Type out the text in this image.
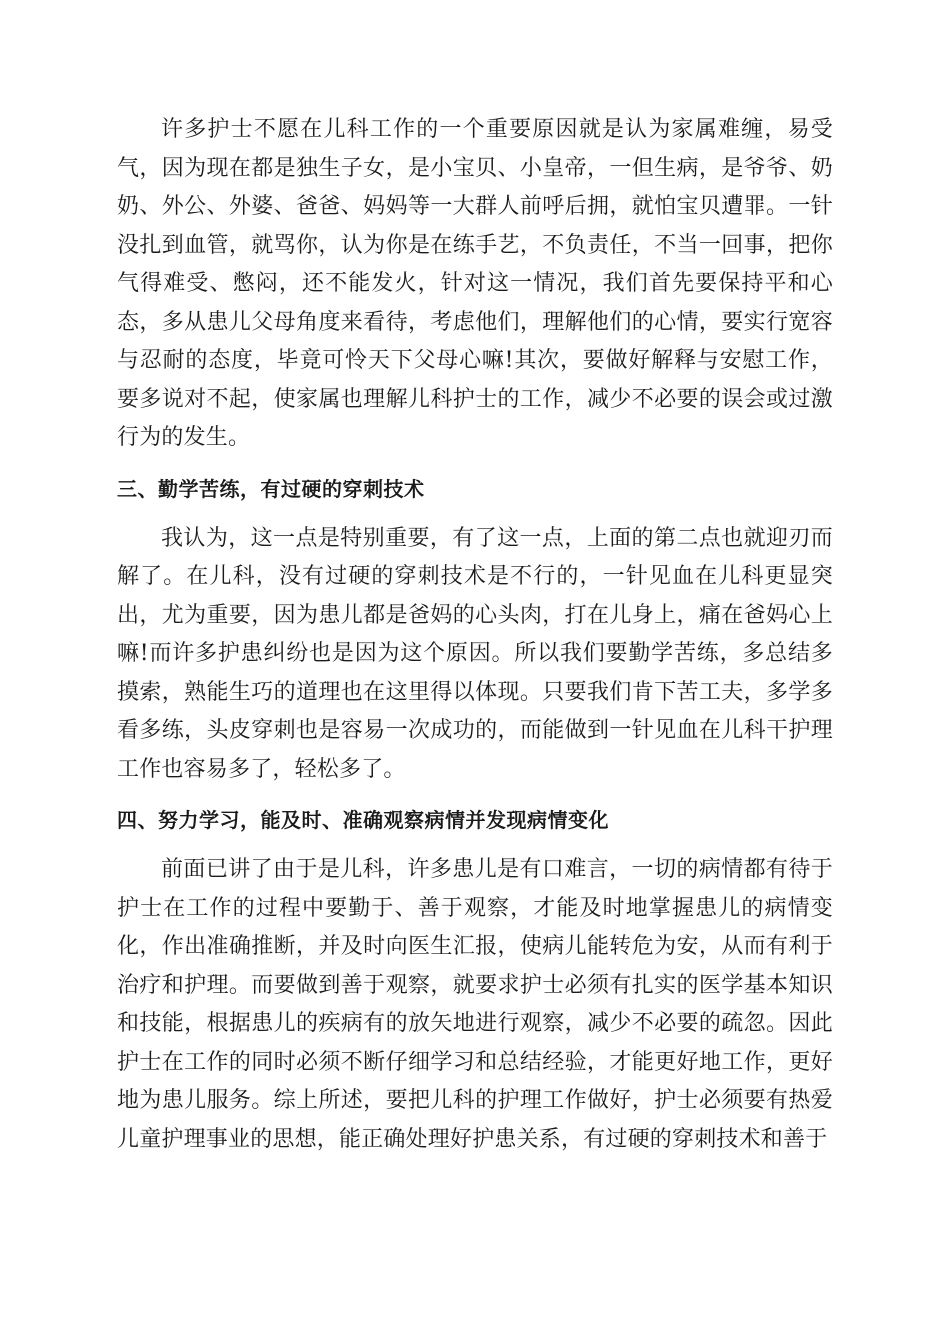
许多护士不愿在儿科工作的一个重要原因就是认为家属难缠，易受气，因为现在都是独生子女，是小宝贝、小皇帝，一但生病，是爷爷、奶奶、外公、外婆、爸爸、妈妈等一大群人前呼后拥，就怕宝贝遭罪。一针没扎到血管，就骂你，认为你是在练手艺，不负责任，不当一回事，把你气得难受、憋闷，还不能发火，针对这一情况，我们首先要保持平和心态，多从患儿父母角度来看待，考虑他们，理解他们的心情，要实行宽容与忍耐的态度，毕竟可怜天下父母心嘛!其次，要做好解释与安慰工作，要多说对不起，使家属也理解儿科护士的工作，减少不必要的误会或过激行为的发生。

三、勤学苦练，有过硬的穿刺技术

我认为，这一点是特别重要，有了这一点，上面的第二点也就迎刃而解了。在儿科，没有过硬的穿刺技术是不行的，一针见血在儿科更显突出，尤为重要，因为患儿都是爸妈的心头肉，打在儿身上，痛在爸妈心上嘛!而许多护患纠纷也是因为这个原因。所以我们要勤学苦练，多总结多摸索，熟能生巧的道理也在这里得以体现。只要我们肯下苦工夫，多学多看多练，头皮穿刺也是容易一次成功的，而能做到一针见血在儿科干护理工作也容易多了，轻松多了。

四、努力学习，能及时、准确观察病情并发现病情变化

前面已讲了由于是儿科，许多患儿是有口难言，一切的病情都有待于护士在工作的过程中要勤于、善于观察，才能及时地掌握患儿的病情变化，作出准确推断，并及时向医生汇报，使病儿能转危为安，从而有利于治疗和护理。而要做到善于观察，就要求护士必须有扎实的医学基本知识和技能，根据患儿的疾病有的放矢地进行观察，减少不必要的疏忽。因此护士在工作的同时必须不断仔细学习和总结经验，才能更好地工作，更好地为患儿服务。综上所述，要把儿科的护理工作做好，护士必须要有热爱儿童护理事业的思想，能正确处理好护患关系，有过硬的穿刺技术和善于
